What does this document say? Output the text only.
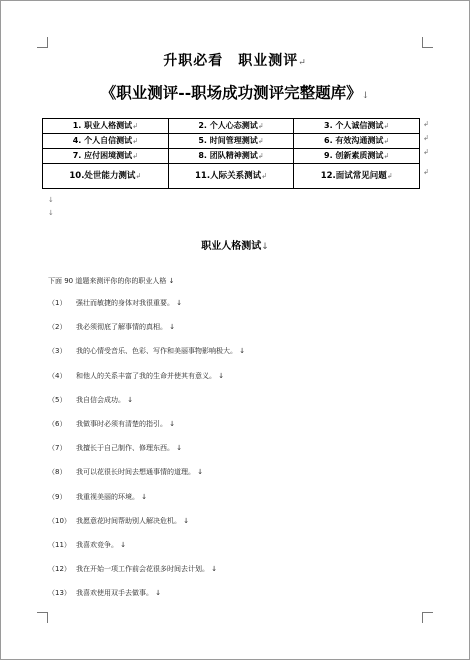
升职必看　职业测评↵
《职业测评--职场成功测评完整题库》↓
1. 职业人格测试↲	2. 个人心态测试↲	3. 个人诚信测试↲
4. 个人自信测试↲	5. 时间管理测试↲	6. 有效沟通测试↲
7. 应付困境测试↲	8. 团队精神测试↲	9. 创新素质测试↲
10.处世能力测试↲	11.人际关系测试↲	12.面试常见问题↲
↲
↲
↲
↲
↓
↓
职业人格测试↓
下面 90 道题来测评你的你的职业人格 ↓
（1） 强壮而敏捷的身体对我很重要。 ↓
（2） 我必须彻底了解事情的真相。 ↓
（3） 我的心情受音乐、色彩、写作和美丽事物影响极大。 ↓
（4） 和他人的关系丰富了我的生命并使其有意义。 ↓
（5） 我自信会成功。 ↓
（6） 我做事时必须有清楚的指引。 ↓
（7） 我擅长于自己制作、修理东西。 ↓
（8） 我可以花很长时间去想通事情的道理。 ↓
（9） 我重视美丽的环境。 ↓
（10） 我愿意花时间帮助别人解决危机。 ↓
（11） 我喜欢竞争。 ↓
（12） 我在开始一项工作前会花很多时间去计划。 ↓
（13） 我喜欢使用双手去做事。 ↓
